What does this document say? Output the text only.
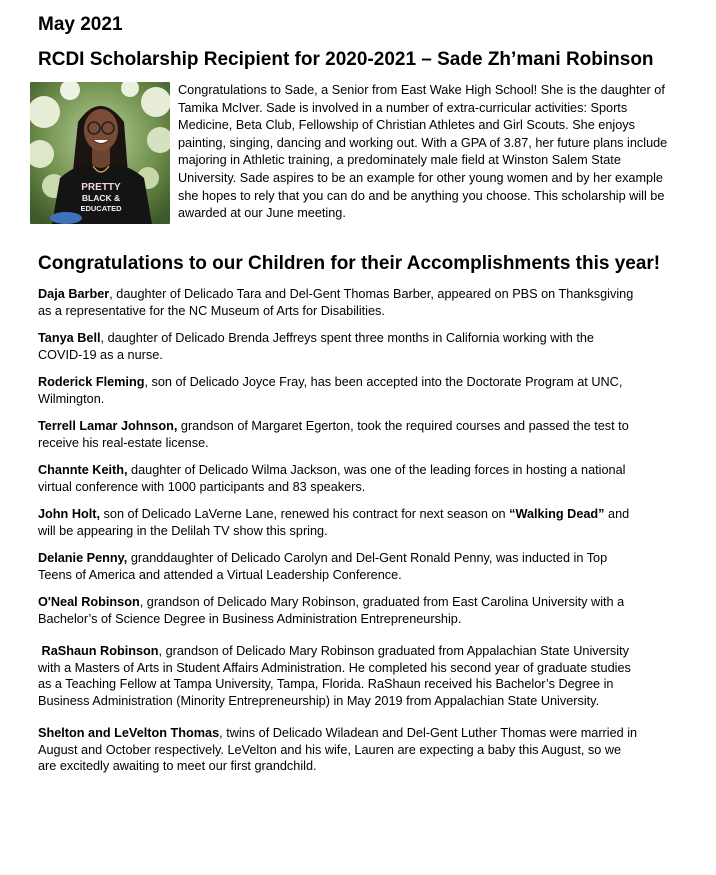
May 2021
RCDI Scholarship Recipient for 2020-2021 – Sade Zh’mani Robinson
PRETTY
BLACK &
EDUCATED
Congratulations to Sade, a Senior from East Wake High School! She is the daughter of Tamika McIver. Sade is involved in a number of extra-curricular activities: Sports Medicine, Beta Club, Fellowship of Christian Athletes and Girl Scouts. She enjoys painting, singing, dancing and working out. With a GPA of 3.87, her future plans include majoring in Athletic training, a predominately male field at Winston Salem State University. Sade aspires to be an example for other young women and by her example she hopes to rely that you can do and be anything you choose. This scholarship will be awarded at our June meeting.
Congratulations to our Children for their Accomplishments this year!

Daja Barber, daughter of Delicado Tara and Del-Gent Thomas Barber, appeared on PBS on Thanksgiving as a representative for the NC Museum of Arts for Disabilities.

Tanya Bell, daughter of Delicado Brenda Jeffreys spent three months in California working with the COVID-19 as a nurse.

Roderick Fleming, son of Delicado Joyce Fray, has been accepted into the Doctorate Program at UNC, Wilmington.

Terrell Lamar Johnson, grandson of Margaret Egerton, took the required courses and passed the test to receive his real-estate license.

Channte Keith, daughter of Delicado Wilma Jackson, was one of the leading forces in hosting a national virtual conference with 1000 participants and 83 speakers.

John Holt, son of Delicado LaVerne Lane, renewed his contract for next season on “Walking Dead” and will be appearing in the Delilah TV show this spring.

Delanie Penny, granddaughter of Delicado Carolyn and Del-Gent Ronald Penny, was inducted in Top Teens of America and attended a Virtual Leadership Conference.

O'Neal Robinson, grandson of Delicado Mary Robinson, graduated from East Carolina University with a Bachelor’s of Science Degree in Business Administration Entrepreneurship.

RaShaun Robinson, grandson of Delicado Mary Robinson graduated from Appalachian State University with a Masters of Arts in Student Affairs Administration. He completed his second year of graduate studies as a Teaching Fellow at Tampa University, Tampa, Florida. RaShaun received his Bachelor’s Degree in Business Administration (Minority Entrepreneurship) in May 2019 from Appalachian State University.

Shelton and LeVelton Thomas, twins of Delicado Wiladean and Del-Gent Luther Thomas were married in August and October respectively. LeVelton and his wife, Lauren are expecting a baby this August, so we are excitedly awaiting to meet our first grandchild.
